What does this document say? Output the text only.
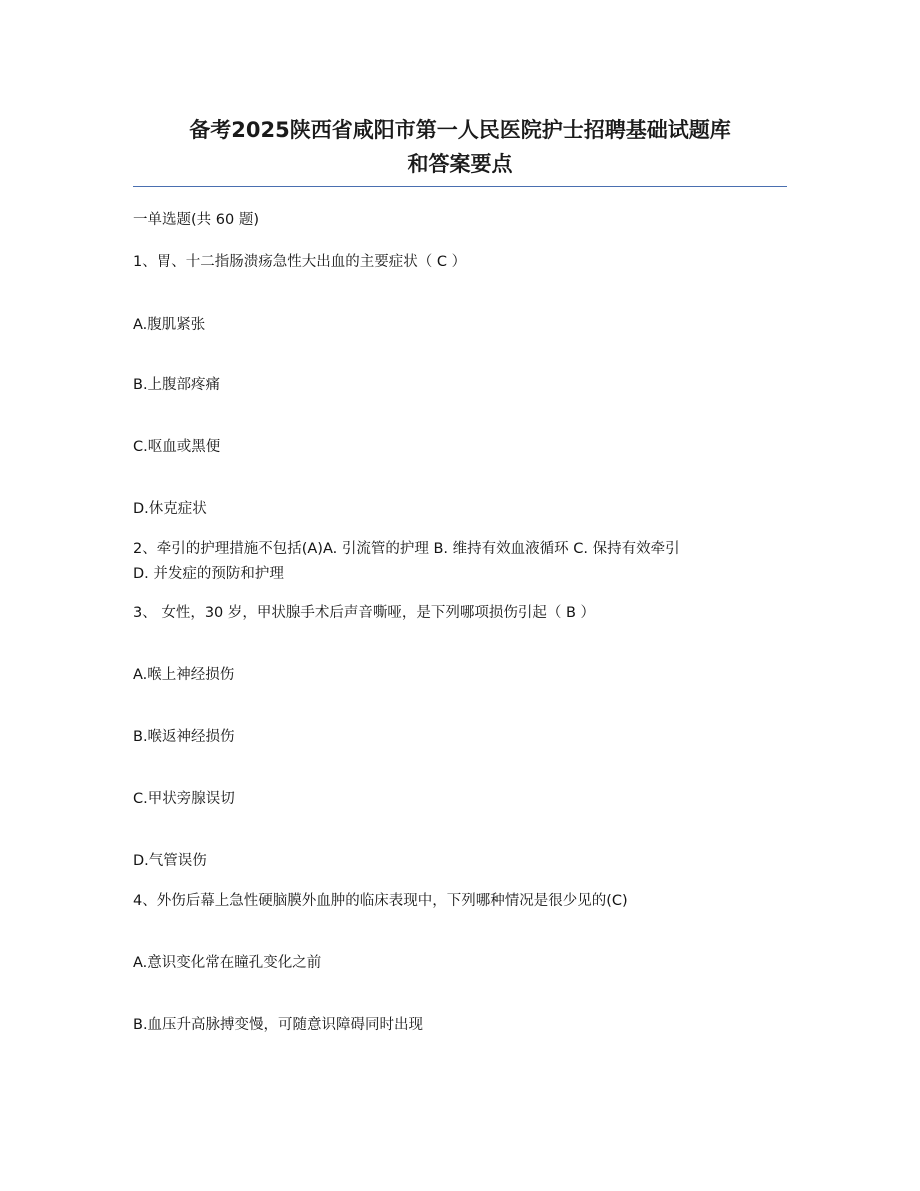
备考2025陕西省咸阳市第一人民医院护士招聘基础试题库
和答案要点
一单选题(共 60 题)
1、胃、十二指肠溃疡急性大出血的主要症状（ C ）
A.腹肌紧张
B.上腹部疼痛
C.呕血或黑便
D.休克症状
2、牵引的护理措施不包括(A)A. 引流管的护理 B. 维持有效血液循环 C. 保持有效牵引
D. 并发症的预防和护理
3、 女性，30 岁，甲状腺手术后声音嘶哑，是下列哪项损伤引起（ B ）
A.喉上神经损伤
B.喉返神经损伤
C.甲状旁腺误切
D.气管误伤
4、外伤后幕上急性硬脑膜外血肿的临床表现中，下列哪种情况是很少见的(C)
A.意识变化常在瞳孔变化之前
B.血压升高脉搏变慢，可随意识障碍同时出现
